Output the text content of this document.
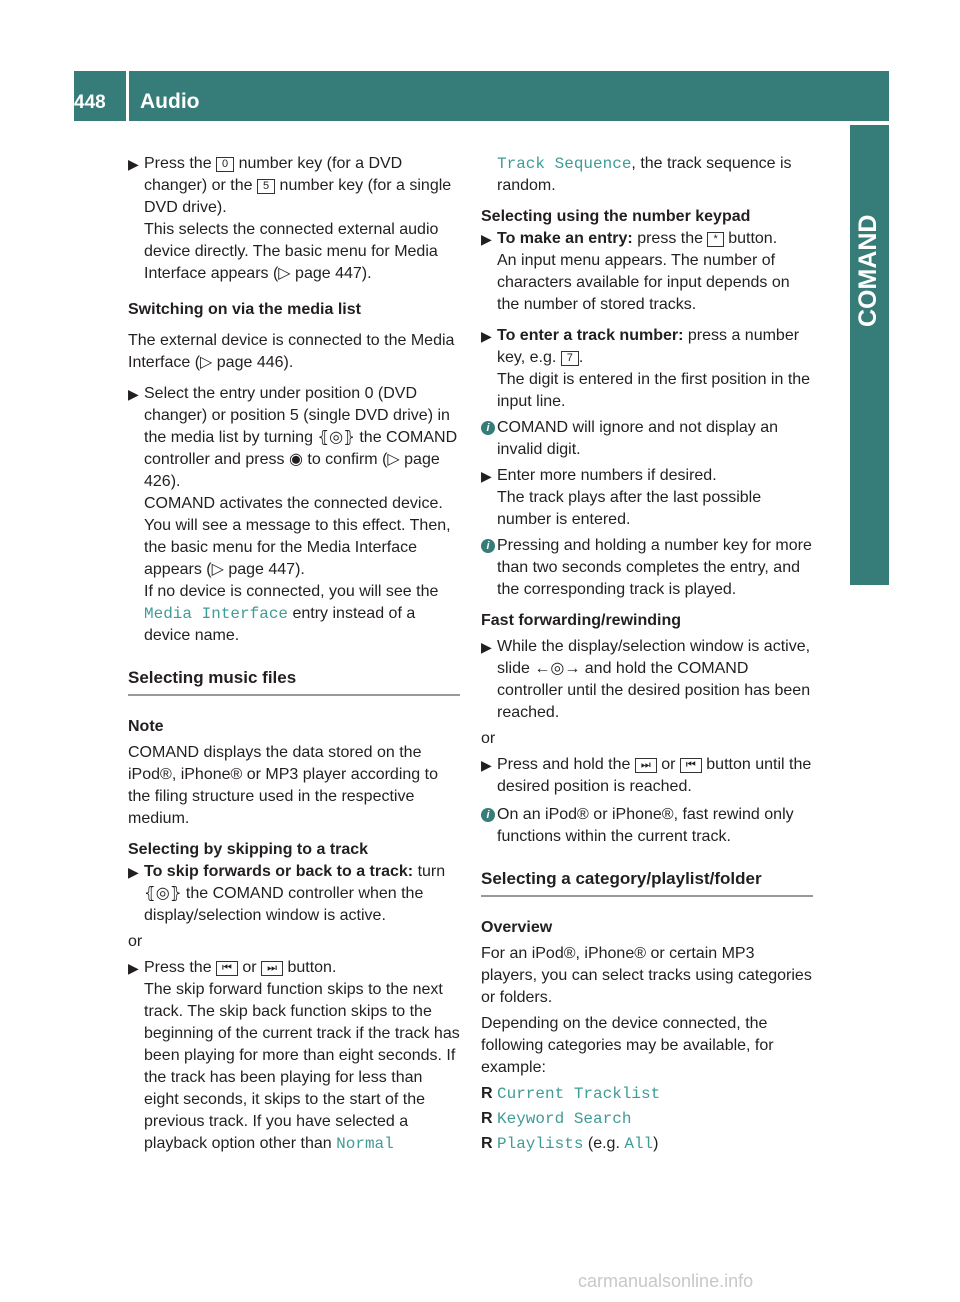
448 Audio
COMAND
▶ Press the 0 number key (for a DVD changer) or the 5 number key (for a single DVD drive).
This selects the connected external audio device directly. The basic menu for Media Interface appears (▷ page 447).

Switching on via the media list

The external device is connected to the Media Interface (▷ page 446).

▶ Select the entry under position 0 (DVD changer) or position 5 (single DVD drive) in the media list by turning ⦃◎⦄ the COMAND controller and press ◉ to confirm (▷ page 426).
COMAND activates the connected device. You will see a message to this effect. Then, the basic menu for the Media Interface appears (▷ page 447).
If no device is connected, you will see the Media Interface entry instead of a device name.

Selecting music files

Note

COMAND displays the data stored on the iPod®, iPhone® or MP3 player according to the filing structure used in the respective medium.

Selecting by skipping to a track

▶ To skip forwards or back to a track: turn ⦃◎⦄ the COMAND controller when the display/selection window is active.

or

▶ Press the ⏮ or ⏭ button.
The skip forward function skips to the next track. The skip back function skips to the beginning of the current track if the track has been playing for more than eight seconds. If the track has been playing for less than eight seconds, it skips to the start of the previous track. If you have selected a playback option other than Normal

Track Sequence, the track sequence is random.

Selecting using the number keypad

▶ To make an entry: press the * button.
An input menu appears. The number of characters available for input depends on the number of stored tracks.
▶ To enter a track number: press a number key, e.g. 7 .
The digit is entered in the first position in the input line.
i COMAND will ignore and not display an invalid digit.
▶ Enter more numbers if desired.
The track plays after the last possible number is entered.
i Pressing and holding a number key for more than two seconds completes the entry, and the corresponding track is played.

Fast forwarding/rewinding

▶ While the display/selection window is active, slide ←◎→ and hold the COMAND controller until the desired position has been reached.

or

▶ Press and hold the ⏭ or ⏮ button until the desired position is reached.
i On an iPod® or iPhone®, fast rewind only functions within the current track.

Selecting a category/playlist/folder

Overview

For an iPod®, iPhone® or certain MP3 players, you can select tracks using categories or folders.

Depending on the device connected, the following categories may be available, for example:

R Current Tracklist
R Keyword Search
R Playlists (e.g. All)
carmanualsonline.info
